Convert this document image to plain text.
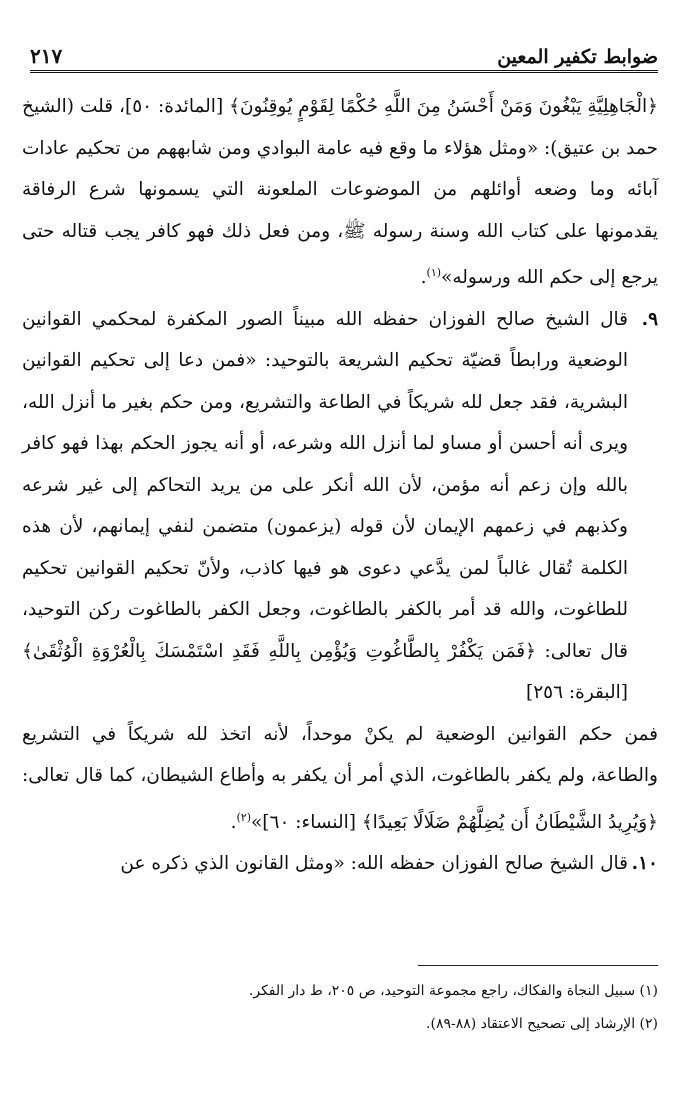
ضوابط تكفير المعين
٢١٧

﴿الْجَاهِلِيَّةِ يَبْغُونَ وَمَنْ أَحْسَنُ مِنَ اللَّهِ حُكْمًا لِقَوْمٍ يُوقِنُونَ﴾ [المائدة: ٥٠]، قلت (الشيخ حمد بن عتيق): «ومثل هؤلاء ما وقع فيه عامة البوادي ومن شابههم من تحكيم عادات آبائه وما وضعه أوائلهم من الموضوعات الملعونة التي يسمونها شرع الرفاقة يقدمونها على كتاب الله وسنة رسوله ﷺ، ومن فعل ذلك فهو كافر يجب قتاله حتى يرجع إلى حكم الله ورسوله»$^{(١)}$.

٩.
قال الشيخ صالح الفوزان حفظه الله مبيناً الصور المكفرة لمحكمي القوانين الوضعية ورابطاً قضيّة تحكيم الشريعة بالتوحيد: «فمن دعا إلى تحكيم القوانين البشرية، فقد جعل لله شريكاً في الطاعة والتشريع، ومن حكم بغير ما أنزل الله، ويرى أنه أحسن أو مساو لما أنزل الله وشرعه، أو أنه يجوز الحكم بهذا فهو كافر بالله وإن زعم أنه مؤمن، لأن الله أنكر على من يريد التحاكم إلى غير شرعه وكذبهم في زعمهم الإيمان لأن قوله (يزعمون) متضمن لنفي إيمانهم، لأن هذه الكلمة تُقال غالباً لمن يدَّعي دعوى هو فيها كاذب، ولأنّ تحكيم القوانين تحكيم للطاغوت، والله قد أمر بالكفر بالطاغوت، وجعل الكفر بالطاغوت ركن التوحيد، قال تعالى: ﴿فَمَن يَكْفُرْ بِالطَّاغُوتِ وَيُؤْمِن بِاللَّهِ فَقَدِ اسْتَمْسَكَ بِالْعُرْوَةِ الْوُثْقَىٰ﴾ [البقرة: ٢٥٦]

فمن حكم القوانين الوضعية لم يكنْ موحداً، لأنه اتخذ لله شريكاً في التشريع والطاعة، ولم يكفر بالطاغوت، الذي أمر أن يكفر به وأطاع الشيطان، كما قال تعالى: ﴿وَيُرِيدُ الشَّيْطَانُ أَن يُضِلَّهُمْ ضَلَالًا بَعِيدًا﴾ [النساء: ٦٠]»$^{(٢)}$.

١٠.
قال الشيخ صالح الفوزان حفظه الله: «ومثل القانون الذي ذكره عن

(١) سبيل النجاة والفكاك، راجع مجموعة التوحيد، ص ٢٠٥، ط دار الفكر.

(٢) الإرشاد إلى تصحيح الاعتقاد (٨٨-٨٩).
